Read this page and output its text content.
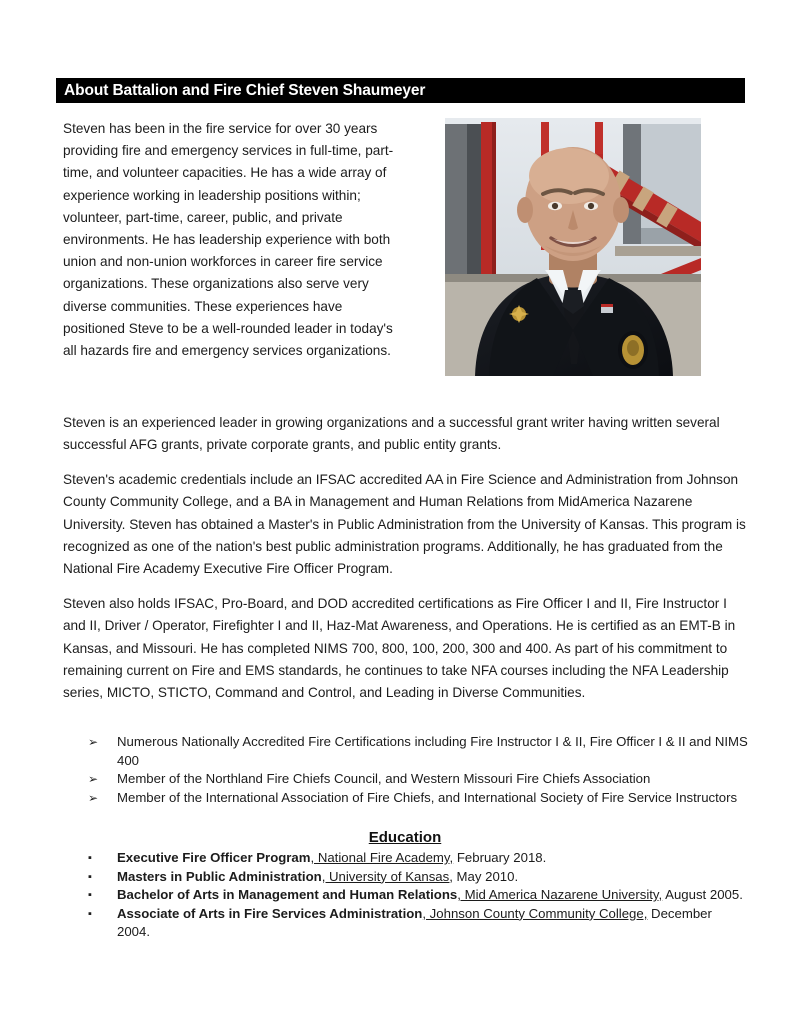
About Battalion and Fire Chief Steven Shaumeyer

Steven has been in the fire service for over 30 years providing fire and emergency services in full-time, part-time, and volunteer capacities. He has a wide array of experience working in leadership positions within; volunteer, part-time, career, public, and private environments. He has leadership experience with both union and non-union workforces in career fire service organizations. These organizations also serve very diverse communities. These experiences have positioned Steve to be a well-rounded leader in today's all hazards fire and emergency services organizations.

Steven is an experienced leader in growing organizations and a successful grant writer having written several successful AFG grants, private corporate grants, and public entity grants.

Steven's academic credentials include an IFSAC accredited AA in Fire Science and Administration from Johnson County Community College, and a BA in Management and Human Relations from MidAmerica Nazarene University. Steven has obtained a Master's in Public Administration from the University of Kansas. This program is recognized as one of the nation's best public administration programs. Additionally, he has graduated from the National Fire Academy Executive Fire Officer Program.

Steven also holds IFSAC, Pro-Board, and DOD accredited certifications as Fire Officer I and II, Fire Instructor I and II, Driver / Operator, Firefighter I and II, Haz-Mat Awareness, and Operations. He is certified as an EMT-B in Kansas, and Missouri. He has completed NIMS 700, 800, 100, 200, 300 and 400. As part of his commitment to remaining current on Fire and EMS standards, he continues to take NFA courses including the NFA Leadership series, MICTO, STICTO, Command and Control, and Leading in Diverse Communities.

➢	Numerous Nationally Accredited Fire Certifications including Fire Instructor I & II, Fire Officer I & II and NIMS 400
➢	Member of the Northland Fire Chiefs Council, and Western Missouri Fire Chiefs Association
➢	Member of the International Association of Fire Chiefs, and International Society of Fire Service Instructors
Education
▪	Executive Fire Officer Program, National Fire Academy, February 2018.
▪	Masters in Public Administration, University of Kansas, May 2010.
▪	Bachelor of Arts in Management and Human Relations, Mid America Nazarene University, August 2005.
▪	Associate of Arts in Fire Services Administration, Johnson County Community College, December 2004.
